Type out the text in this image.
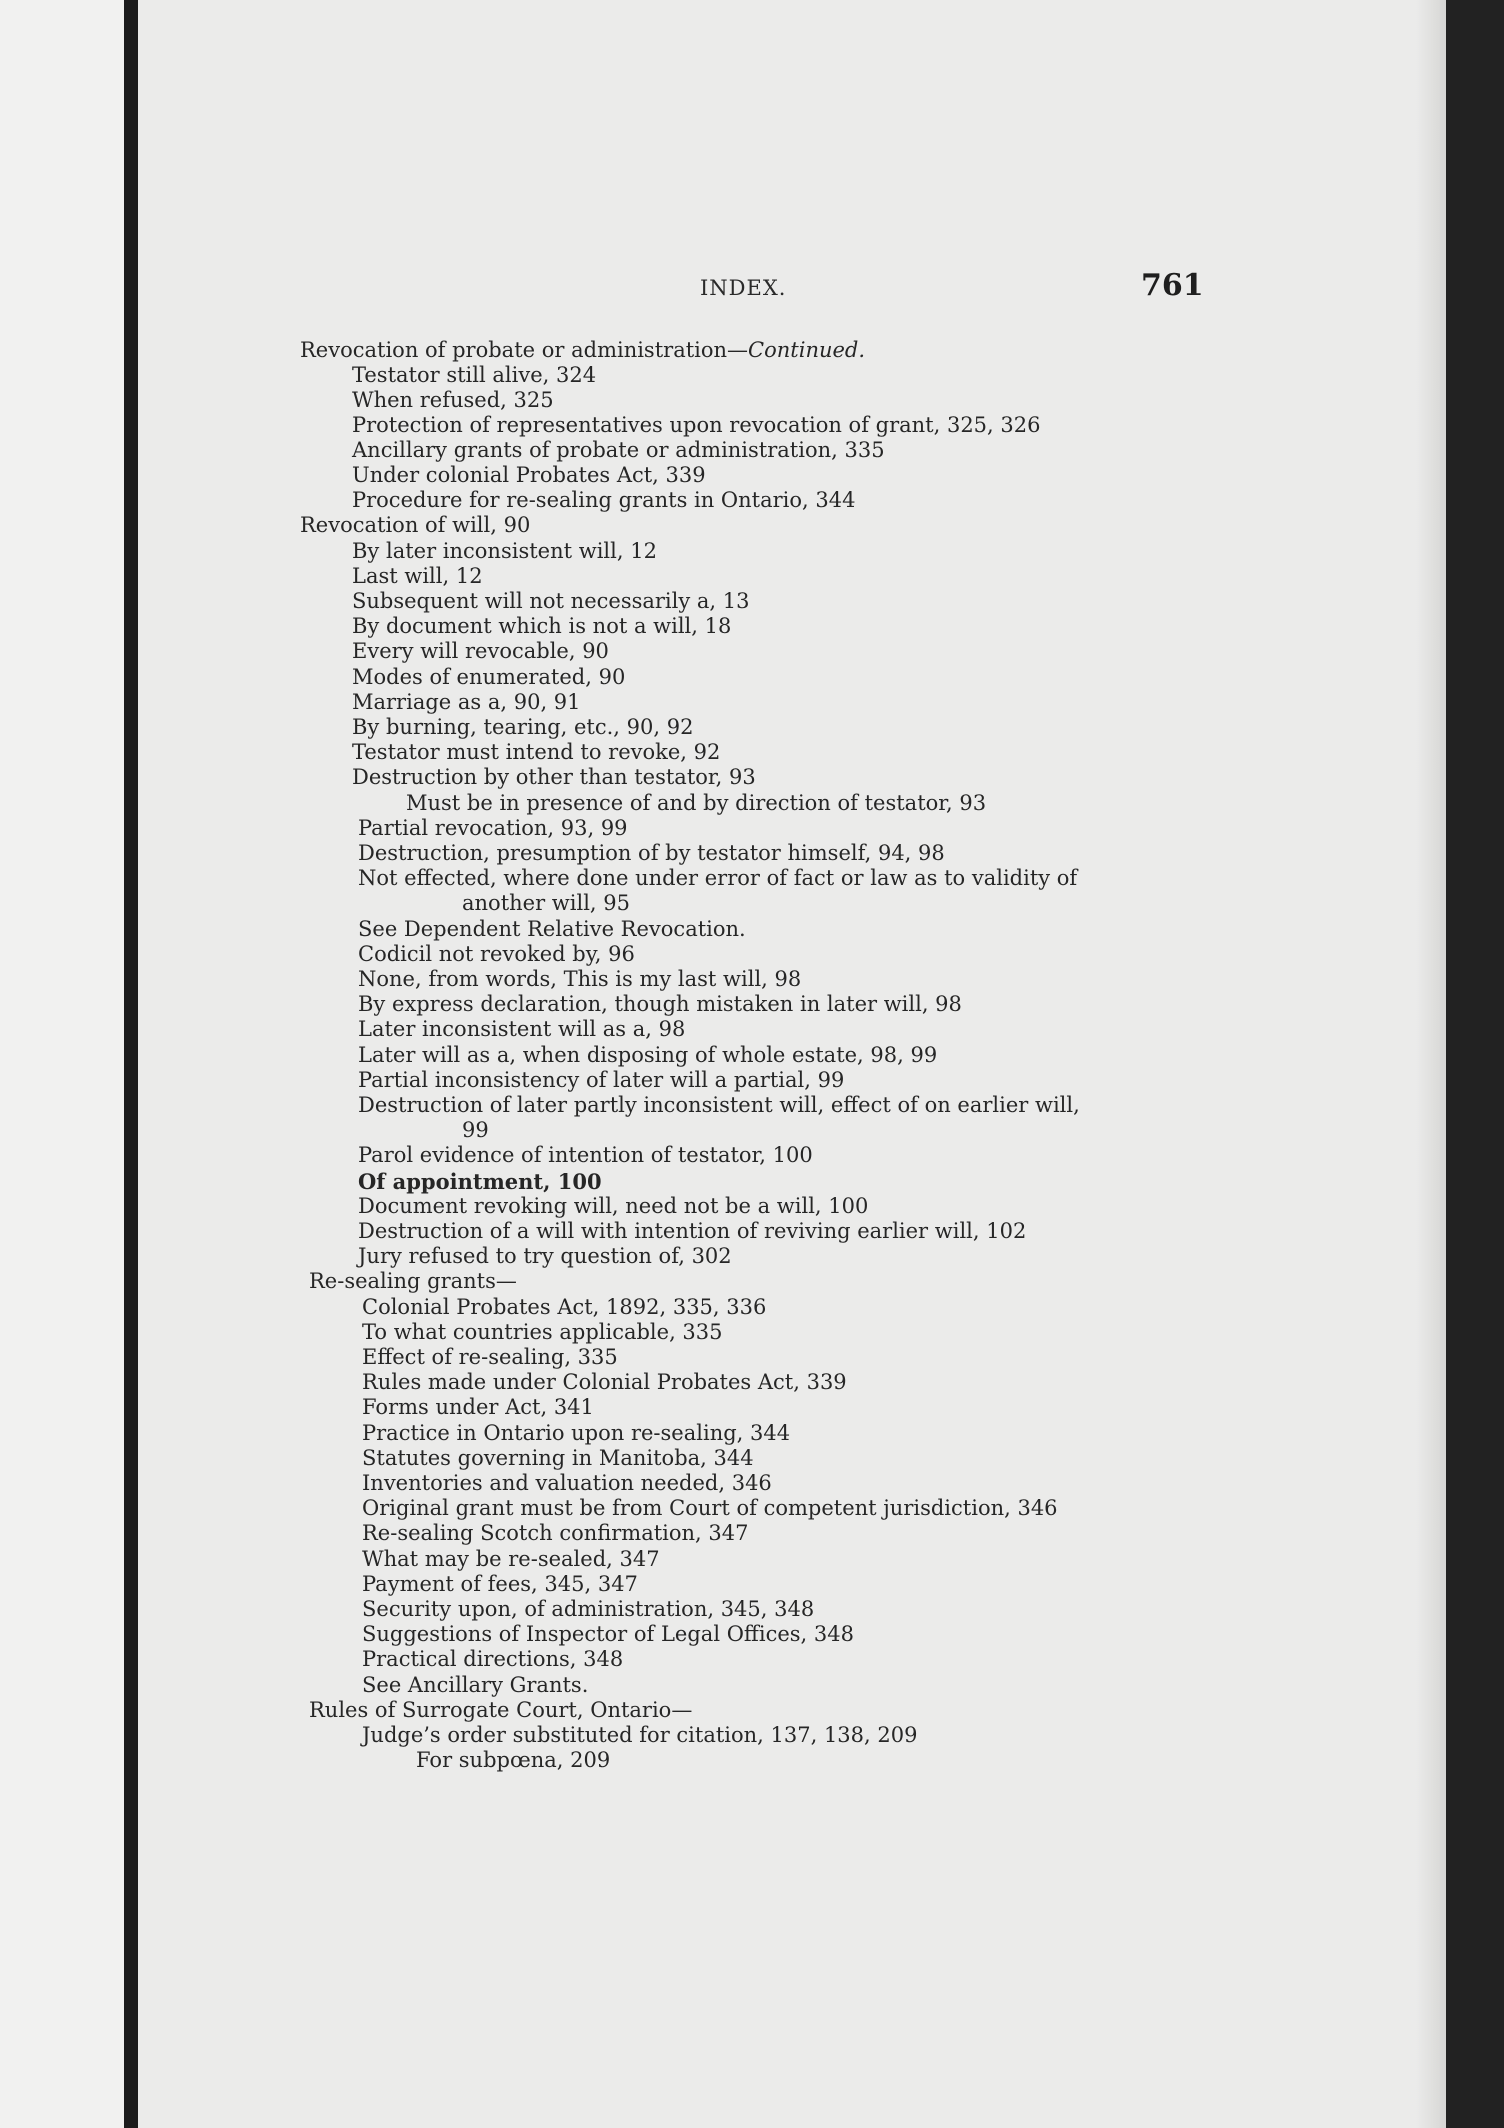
INDEX.	761
Revocation of probate or administration—Continued.
Testator still alive, 324
When refused, 325
Protection of representatives upon revocation of grant, 325, 326
Ancillary grants of probate or administration, 335
Under colonial Probates Act, 339
Procedure for re-sealing grants in Ontario, 344
Revocation of will, 90
By later inconsistent will, 12
Last will, 12
Subsequent will not necessarily a, 13
By document which is not a will, 18
Every will revocable, 90
Modes of enumerated, 90
Marriage as a, 90, 91
By burning, tearing, etc., 90, 92
Testator must intend to revoke, 92
Destruction by other than testator, 93
Must be in presence of and by direction of testator, 93
Partial revocation, 93, 99
Destruction, presumption of by testator himself, 94, 98
Not effected, where done under error of fact or law as to validity of
another will, 95
See Dependent Relative Revocation.
Codicil not revoked by, 96
None, from words, This is my last will, 98
By express declaration, though mistaken in later will, 98
Later inconsistent will as a, 98
Later will as a, when disposing of whole estate, 98, 99
Partial inconsistency of later will a partial, 99
Destruction of later partly inconsistent will, effect of on earlier will,
99
Parol evidence of intention of testator, 100
Of appointment, 100
Document revoking will, need not be a will, 100
Destruction of a will with intention of reviving earlier will, 102
Jury refused to try question of, 302
Re-sealing grants—
Colonial Probates Act, 1892, 335, 336
To what countries applicable, 335
Effect of re-sealing, 335
Rules made under Colonial Probates Act, 339
Forms under Act, 341
Practice in Ontario upon re-sealing, 344
Statutes governing in Manitoba, 344
Inventories and valuation needed, 346
Original grant must be from Court of competent jurisdiction, 346
Re-sealing Scotch confirmation, 347
What may be re-sealed, 347
Payment of fees, 345, 347
Security upon, of administration, 345, 348
Suggestions of Inspector of Legal Offices, 348
Practical directions, 348
See Ancillary Grants.
Rules of Surrogate Court, Ontario—
Judge’s order substituted for citation, 137, 138, 209
For subpœna, 209
